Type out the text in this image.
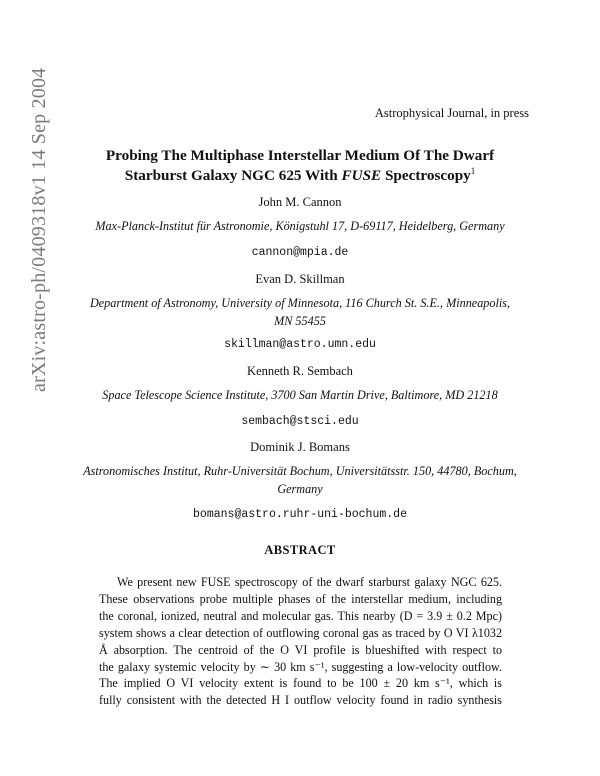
arXiv:astro-ph/0409318v1 14 Sep 2004	Astrophysical Journal, in press
Probing The Multiphase Interstellar Medium Of The Dwarf
Starburst Galaxy NGC 625 With FUSE Spectroscopy$^1$
John M. Cannon
Max-Planck-Institut für Astronomie, Königstuhl 17, D-69117, Heidelberg, Germany
cannon@mpia.de
Evan D. Skillman
Department of Astronomy, University of Minnesota, 116 Church St. S.E., Minneapolis,
MN 55455
skillman@astro.umn.edu
Kenneth R. Sembach
Space Telescope Science Institute, 3700 San Martin Drive, Baltimore, MD 21218
sembach@stsci.edu
Dominik J. Bomans
Astronomisches Institut, Ruhr-Universität Bochum, Universitätsstr. 150, 44780, Bochum,
Germany
bomans@astro.ruhr-uni-bochum.de
ABSTRACT
We present new FUSE spectroscopy of the dwarf starburst galaxy NGC 625.
These observations probe multiple phases of the interstellar medium, including
the coronal, ionized, neutral and molecular gas. This nearby (D = 3.9 ± 0.2 Mpc)
system shows a clear detection of outflowing coronal gas as traced by O VI λ1032
Å absorption. The centroid of the O VI profile is blueshifted with respect to
the galaxy systemic velocity by ∼ 30 km s⁻¹, suggesting a low-velocity outflow.
The implied O VI velocity extent is found to be 100 ± 20 km s⁻¹, which is
fully consistent with the detected H I outflow velocity found in radio synthesis
